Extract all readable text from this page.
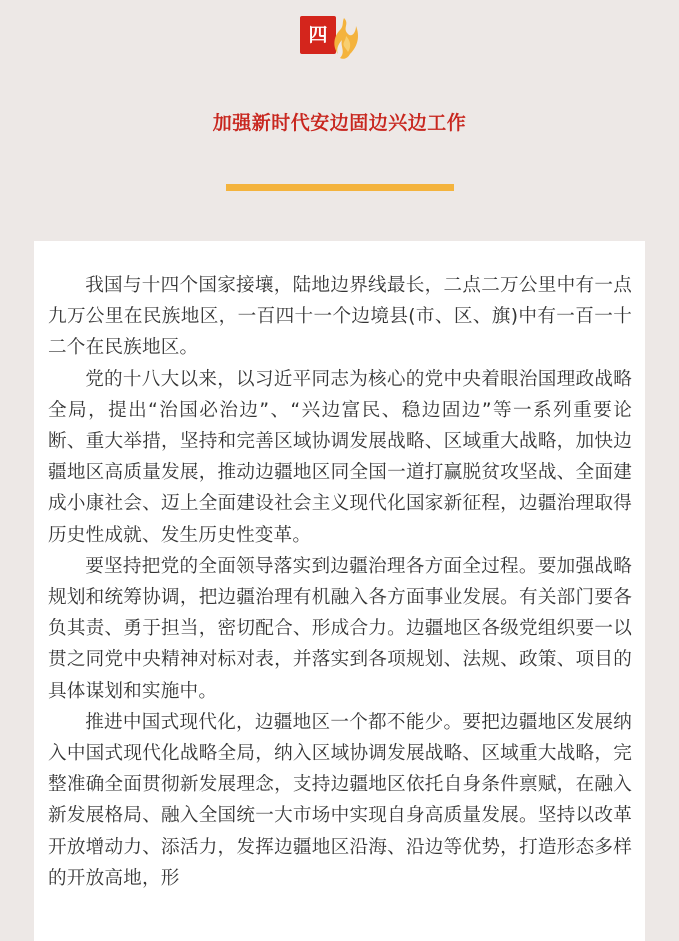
四
加强新时代安边固边兴边工作

我国与十四个国家接壤，陆地边界线最长，二点二万公里中有一点九万公里在民族地区，一百四十一个边境县(市、区、旗)中有一百一十二个在民族地区。

党的十八大以来，以习近平同志为核心的党中央着眼治国理政战略全局，提出“治国必治边”、“兴边富民、稳边固边”等一系列重要论断、重大举措，坚持和完善区域协调发展战略、区域重大战略，加快边疆地区高质量发展，推动边疆地区同全国一道打赢脱贫攻坚战、全面建成小康社会、迈上全面建设社会主义现代化国家新征程，边疆治理取得历史性成就、发生历史性变革。

要坚持把党的全面领导落实到边疆治理各方面全过程。要加强战略规划和统筹协调，把边疆治理有机融入各方面事业发展。有关部门要各负其责、勇于担当，密切配合、形成合力。边疆地区各级党组织要一以贯之同党中央精神对标对表，并落实到各项规划、法规、政策、项目的具体谋划和实施中。

推进中国式现代化，边疆地区一个都不能少。要把边疆地区发展纳入中国式现代化战略全局，纳入区域协调发展战略、区域重大战略，完整准确全面贯彻新发展理念，支持边疆地区依托自身条件禀赋，在融入新发展格局、融入全国统一大市场中实现自身高质量发展。坚持以改革开放增动力、添活力，发挥边疆地区沿海、沿边等优势，打造形态多样的开放高地，形
